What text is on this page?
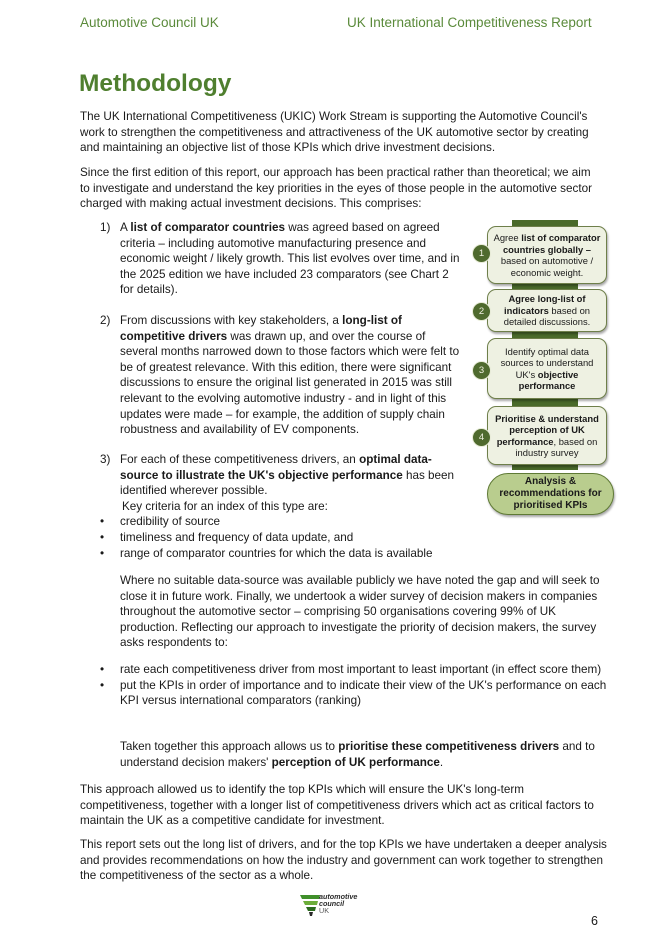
Automotive Council UK	UK International Competitiveness Report
Methodology

The UK International Competitiveness (UKIC) Work Stream is supporting the Automotive Council's work to strengthen the competitiveness and attractiveness of the UK automotive sector by creating and maintaining an objective list of those KPIs which drive investment decisions.

Since the first edition of this report, our approach has been practical rather than theoretical; we aim to investigate and understand the key priorities in the eyes of those people in the automotive sector charged with making actual investment decisions. This comprises:

1) A list of comparator countries was agreed based on agreed criteria – including automotive manufacturing presence and economic weight / likely growth. This list evolves over time, and in the 2025 edition we have included 23 comparators (see Chart 2 for details).
2) From discussions with key stakeholders, a long-list of competitive drivers was drawn up, and over the course of several months narrowed down to those factors which were felt to be of greatest relevance. With this edition, there were significant discussions to ensure the original list generated in 2015 was still relevant to the evolving automotive industry - and in light of this updates were made – for example, the addition of supply chain robustness and availability of EV components.
3) For each of these competitiveness drivers, an optimal data-source to illustrate the UK's objective performance has been identified wherever possible.
Key criteria for an index of this type are:
• credibility of source
• timeliness and frequency of data update, and
• range of comparator countries for which the data is available
Where no suitable data-source was available publicly we have noted the gap and will seek to close it in future work. Finally, we undertook a wider survey of decision makers in companies throughout the automotive sector – comprising 50 organisations covering 99% of UK production. Reflecting our approach to investigate the priority of decision makers, the survey asks respondents to:
• rate each competitiveness driver from most important to least important (in effect score them)
• put the KPIs in order of importance and to indicate their view of the UK's performance on each KPI versus international comparators (ranking)
Taken together this approach allows us to prioritise these competitiveness drivers and to understand decision makers' perception of UK performance.

This approach allowed us to identify the top KPIs which will ensure the UK's long-term competitiveness, together with a longer list of competitiveness drivers which act as critical factors to maintain the UK as a competitive candidate for investment.

This report sets out the long list of drivers, and for the top KPIs we have undertaken a deeper analysis and provides recommendations on how the industry and government can work together to strengthen the competitiveness of the sector as a whole.

Agree list of comparator countries globally – based on automotive / economic weight.
1
Agree long-list of indicators based on detailed discussions.
2
Identify optimal data sources to understand UK's objective performance
3
Prioritise & understand perception of UK performance, based on industry survey
4
Analysis & recommendations for prioritised KPIs
automotive
council
UK
6
